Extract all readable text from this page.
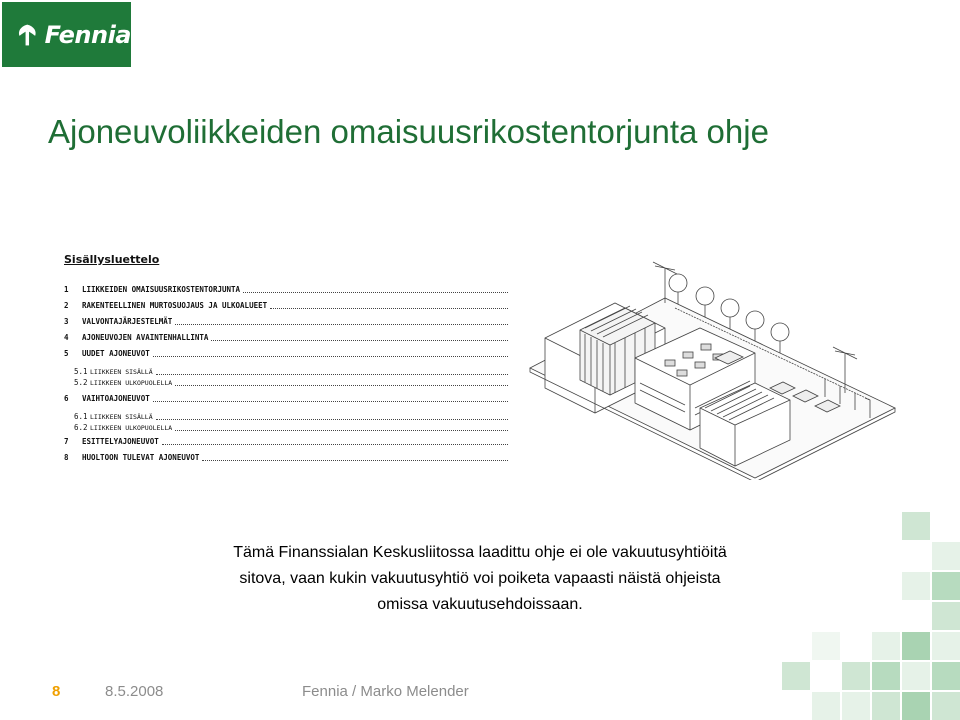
Fennia
Ajoneuvoliikkeiden omaisuusrikostentorjunta ohje
Sisällysluettelo
1 LIIKKEIDEN OMAISUUSRIKOSTENTORJUNTA
2 RAKENTEELLINEN MURTOSUOJAUS JA ULKOALUEET
3 VALVONTAJÄRJESTELMÄT
4 AJONEUVOJEN AVAINTENHALLINTA
5 UUDET AJONEUVOT
5.1 LIIKKEEN SISÄLLÄ
5.2 LIIKKEEN ULKOPUOLELLA
6 VAIHTOAJONEUVOT
6.1 LIIKKEEN SISÄLLÄ
6.2 LIIKKEEN ULKOPUOLELLA
7 ESITTELYAJONEUVOT
8 HUOLTOON TULEVAT AJONEUVOT
Tämä Finanssialan Keskusliitossa laadittu ohje ei ole vakuutusyhtiöitä
sitova, vaan kukin vakuutusyhtiö voi poiketa vapaasti näistä ohjeista
omissa vakuutusehdoissaan.
8	8.5.2008	Fennia / Marko Melender
